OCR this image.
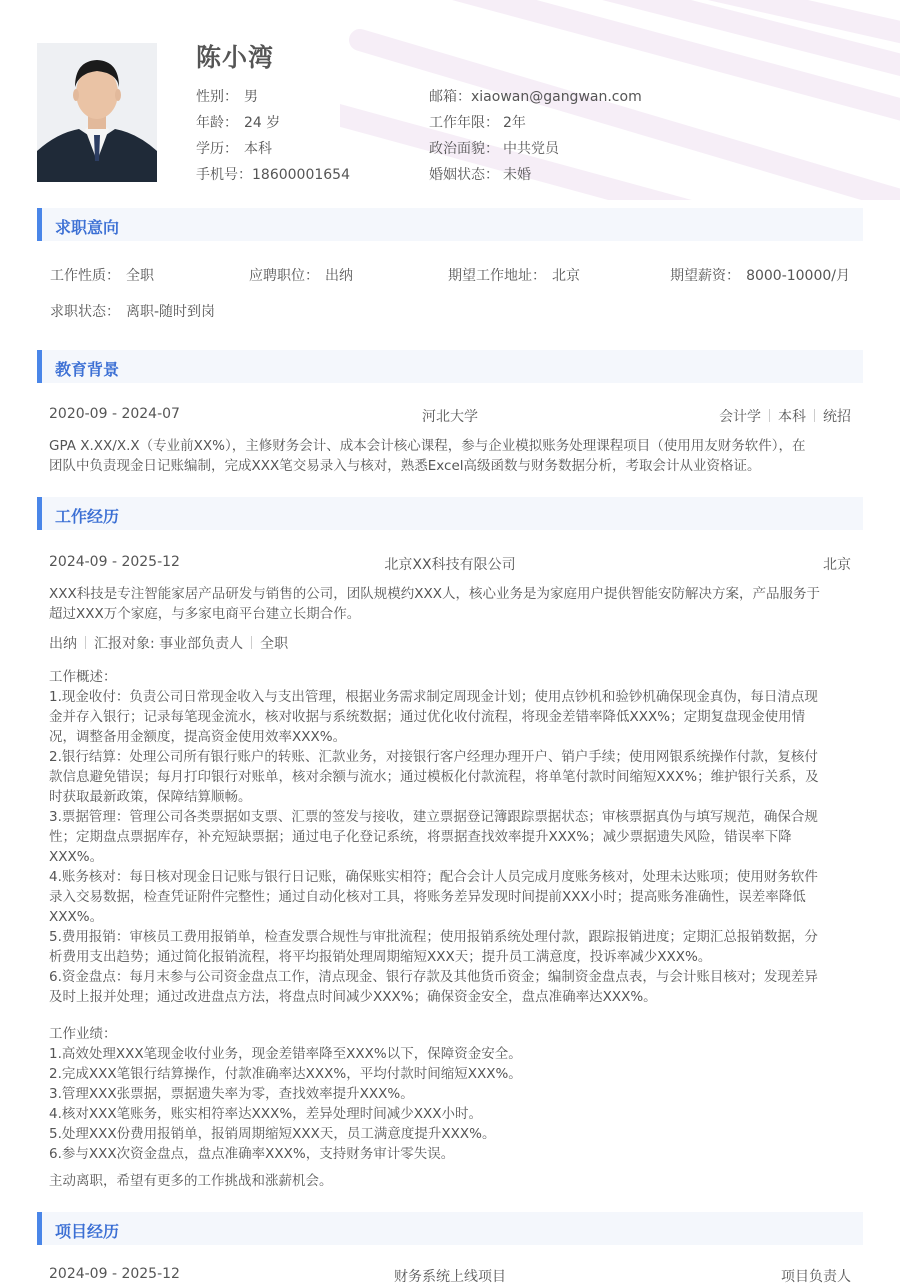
陈小湾
性别： 男	邮箱：xiaowan@gangwan.com
年龄： 24 岁	工作年限： 2年
学历： 本科	政治面貌： 中共党员
手机号：18600001654	婚姻状态： 未婚
求职意向
工作性质： 全职	应聘职位： 出纳	期望工作地址： 北京	期望薪资： 8000-10000/月
求职状态： 离职-随时到岗
教育背景
2020-09 - 2024-07	河北大学	会计学 本科 统招

GPA X.XX/X.X（专业前XX%），主修财务会计、成本会计核心课程，参与企业模拟账务处理课程项目（使用用友财务软件），在

团队中负责现金日记账编制，完成XXX笔交易录入与核对，熟悉Excel高级函数与财务数据分析，考取会计从业资格证。

工作经历
2024-09 - 2025-12	北京XX科技有限公司	北京

XXX科技是专注智能家居产品研发与销售的公司，团队规模约XXX人，核心业务是为家庭用户提供智能安防解决方案，产品服务于

超过XXX万个家庭，与多家电商平台建立长期合作。

出纳 汇报对象: 事业部负责人 全职

工作概述：

1.现金收付：负责公司日常现金收入与支出管理，根据业务需求制定周现金计划；使用点钞机和验钞机确保现金真伪，每日清点现

金并存入银行；记录每笔现金流水，核对收据与系统数据；通过优化收付流程，将现金差错率降低XXX%；定期复盘现金使用情

况，调整备用金额度，提高资金使用效率XXX%。

2.银行结算：处理公司所有银行账户的转账、汇款业务，对接银行客户经理办理开户、销户手续；使用网银系统操作付款，复核付

款信息避免错误；每月打印银行对账单，核对余额与流水；通过模板化付款流程，将单笔付款时间缩短XXX%；维护银行关系，及

时获取最新政策，保障结算顺畅。

3.票据管理：管理公司各类票据如支票、汇票的签发与接收，建立票据登记簿跟踪票据状态；审核票据真伪与填写规范，确保合规

性；定期盘点票据库存，补充短缺票据；通过电子化登记系统，将票据查找效率提升XXX%；减少票据遗失风险，错误率下降

XXX%。

4.账务核对：每日核对现金日记账与银行日记账，确保账实相符；配合会计人员完成月度账务核对，处理未达账项；使用财务软件

录入交易数据，检查凭证附件完整性；通过自动化核对工具，将账务差异发现时间提前XXX小时；提高账务准确性，误差率降低

XXX%。

5.费用报销：审核员工费用报销单，检查发票合规性与审批流程；使用报销系统处理付款，跟踪报销进度；定期汇总报销数据，分

析费用支出趋势；通过简化报销流程，将平均报销处理周期缩短XXX天；提升员工满意度，投诉率减少XXX%。

6.资金盘点：每月末参与公司资金盘点工作，清点现金、银行存款及其他货币资金；编制资金盘点表，与会计账目核对；发现差异

及时上报并处理；通过改进盘点方法，将盘点时间减少XXX%；确保资金安全，盘点准确率达XXX%。

工作业绩：

1.高效处理XXX笔现金收付业务，现金差错率降至XXX%以下，保障资金安全。

2.完成XXX笔银行结算操作，付款准确率达XXX%，平均付款时间缩短XXX%。

3.管理XXX张票据，票据遗失率为零，查找效率提升XXX%。

4.核对XXX笔账务，账实相符率达XXX%，差异处理时间减少XXX小时。

5.处理XXX份费用报销单，报销周期缩短XXX天，员工满意度提升XXX%。

6.参与XXX次资金盘点，盘点准确率XXX%，支持财务审计零失误。

主动离职，希望有更多的工作挑战和涨薪机会。
项目经历
2024-09 - 2025-12	财务系统上线项目	项目负责人
